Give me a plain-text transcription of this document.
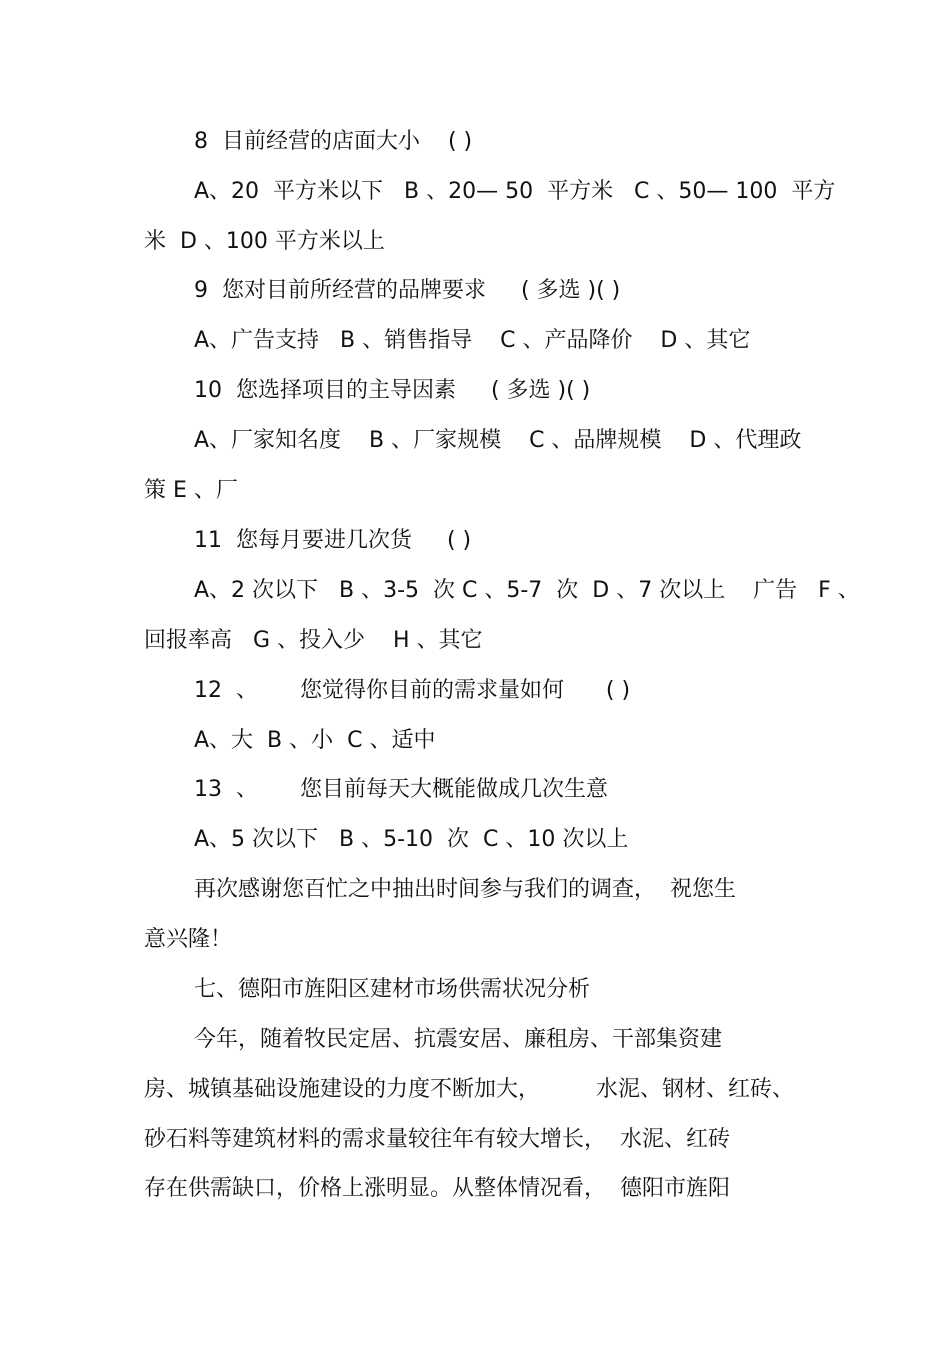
8  目前经营的店面大小    ( )
A、20  平方米以下   B 、20— 50  平方米   C 、50— 100  平方
米  D 、100 平方米以上
9  您对目前所经营的品牌要求     ( 多选 )( )
A、广告支持   B 、销售指导    C 、产品降价    D 、其它
10  您选择项目的主导因素     ( 多选 )( )
A、厂家知名度    B 、厂家规模    C 、品牌规模    D 、代理政
策 E 、厂
11  您每月要进几次货     ( )
A、2 次以下   B 、3-5  次 C 、5-7  次  D 、7 次以上    广告   F 、
回报率高   G 、投入少    H 、其它
12  、      您觉得你目前的需求量如何      ( )
A、大  B 、小  C 、适中
13  、      您目前每天大概能做成几次生意
A、5 次以下   B 、5-10  次  C 、10 次以上
再次感谢您百忙之中抽出时间参与我们的调查，  祝您生
意兴隆！
七、德阳市旌阳区建材市场供需状况分析
今年，随着牧民定居、抗震安居、廉租房、干部集资建
房、城镇基础设施建设的力度不断加大，        水泥、钢材、红砖、
砂石料等建筑材料的需求量较往年有较大增长，  水泥、红砖
存在供需缺口，价格上涨明显。从整体情况看，  德阳市旌阳
